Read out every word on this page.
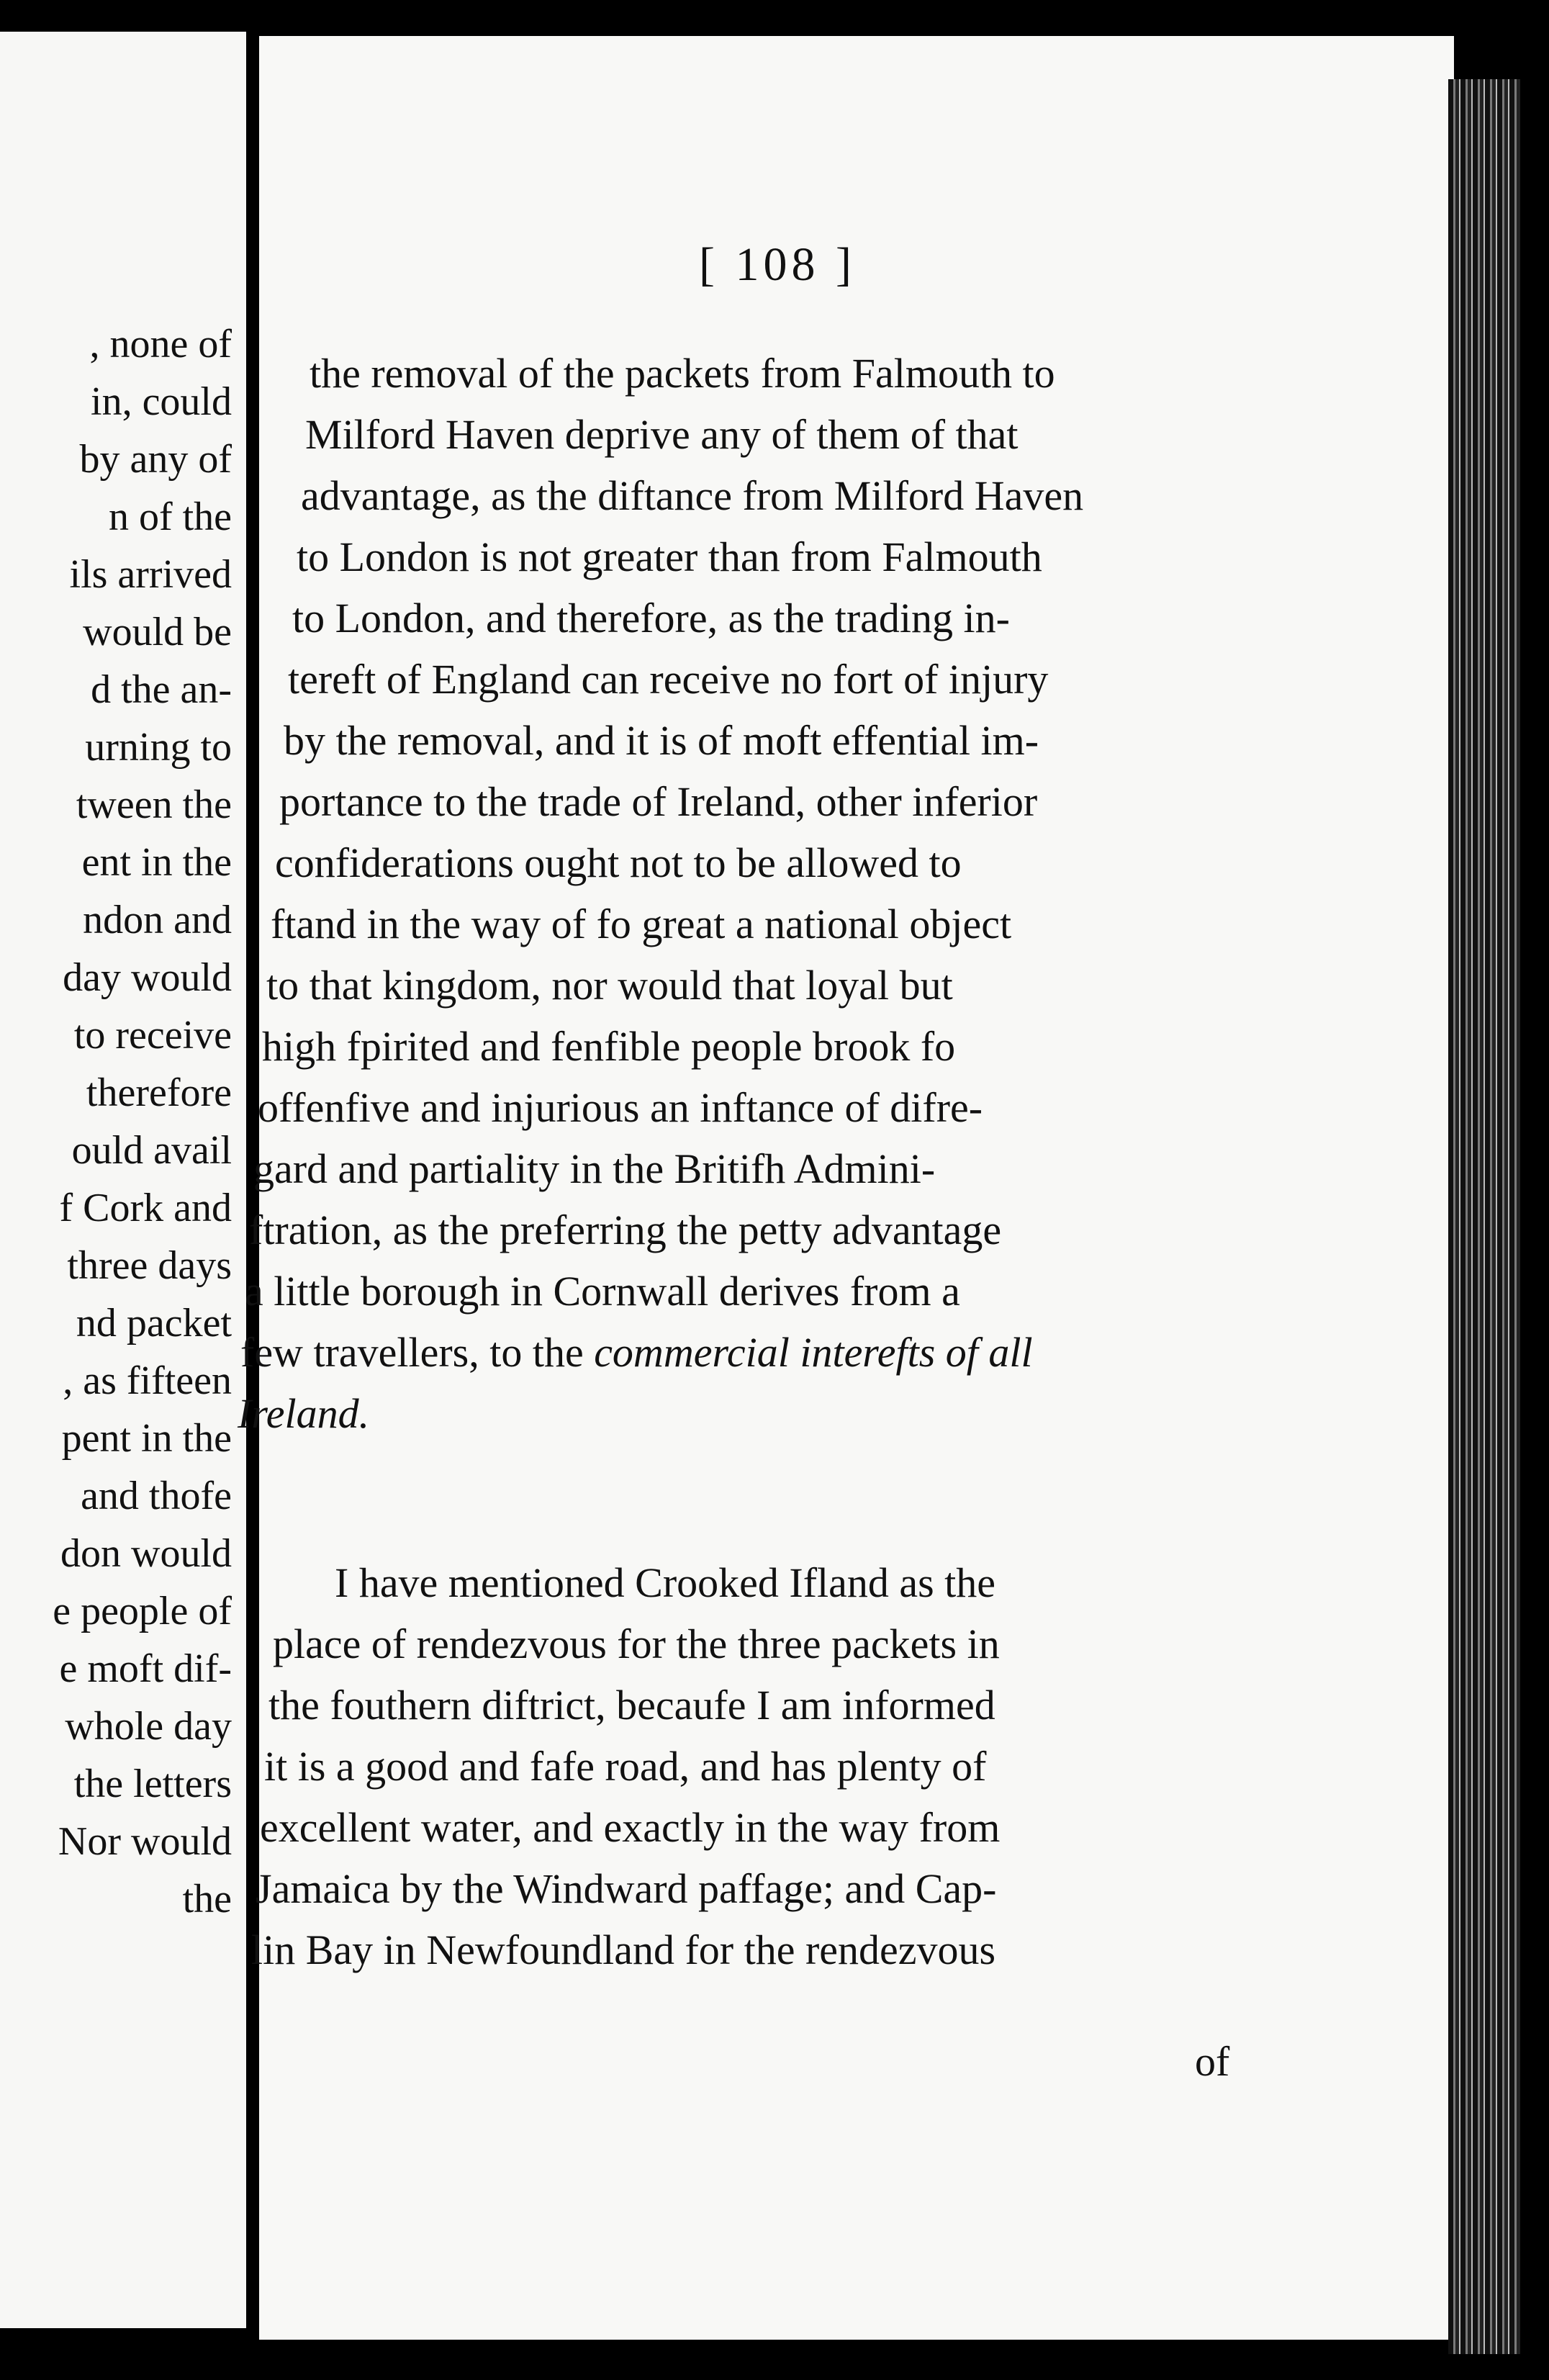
, none of
in, could
by any of
n of the
ils arrived
would be
d the an-
urning to
tween the
ent in the
ndon and
day would
to receive
therefore
ould avail
f Cork and
three days
nd packet
, as fifteen
pent in the
and thofe
don would
e people of
e moft dif-
whole day
the letters
Nor would
the
[ 108 ]
the removal of the packets from Falmouth to
Milford Haven deprive any of them of that
advantage, as the diftance from Milford Haven
to London is not greater than from Falmouth
to London, and therefore, as the trading in-
tereft of England can receive no fort of injury
by the removal, and it is of moft effential im-
portance to the trade of Ireland, other inferior
confiderations ought not to be allowed to
ftand in the way of fo great a national object
to that kingdom, nor would that loyal but
high fpirited and fenfible people brook fo
offenfive and injurious an inftance of difre-
gard and partiality in the Britifh Admini-
ftration, as the preferring the petty advantage
a little borough in Cornwall derives from a
few travellers, to the commercial interefts of all
Ireland.
I have mentioned Crooked Ifland as the
place of rendezvous for the three packets in
the fouthern diftrict, becaufe I am informed
it is a good and fafe road, and has plenty of
excellent water, and exactly in the way from
Jamaica by the Windward paffage; and Cap-
lin Bay in Newfoundland for the rendezvous
of
